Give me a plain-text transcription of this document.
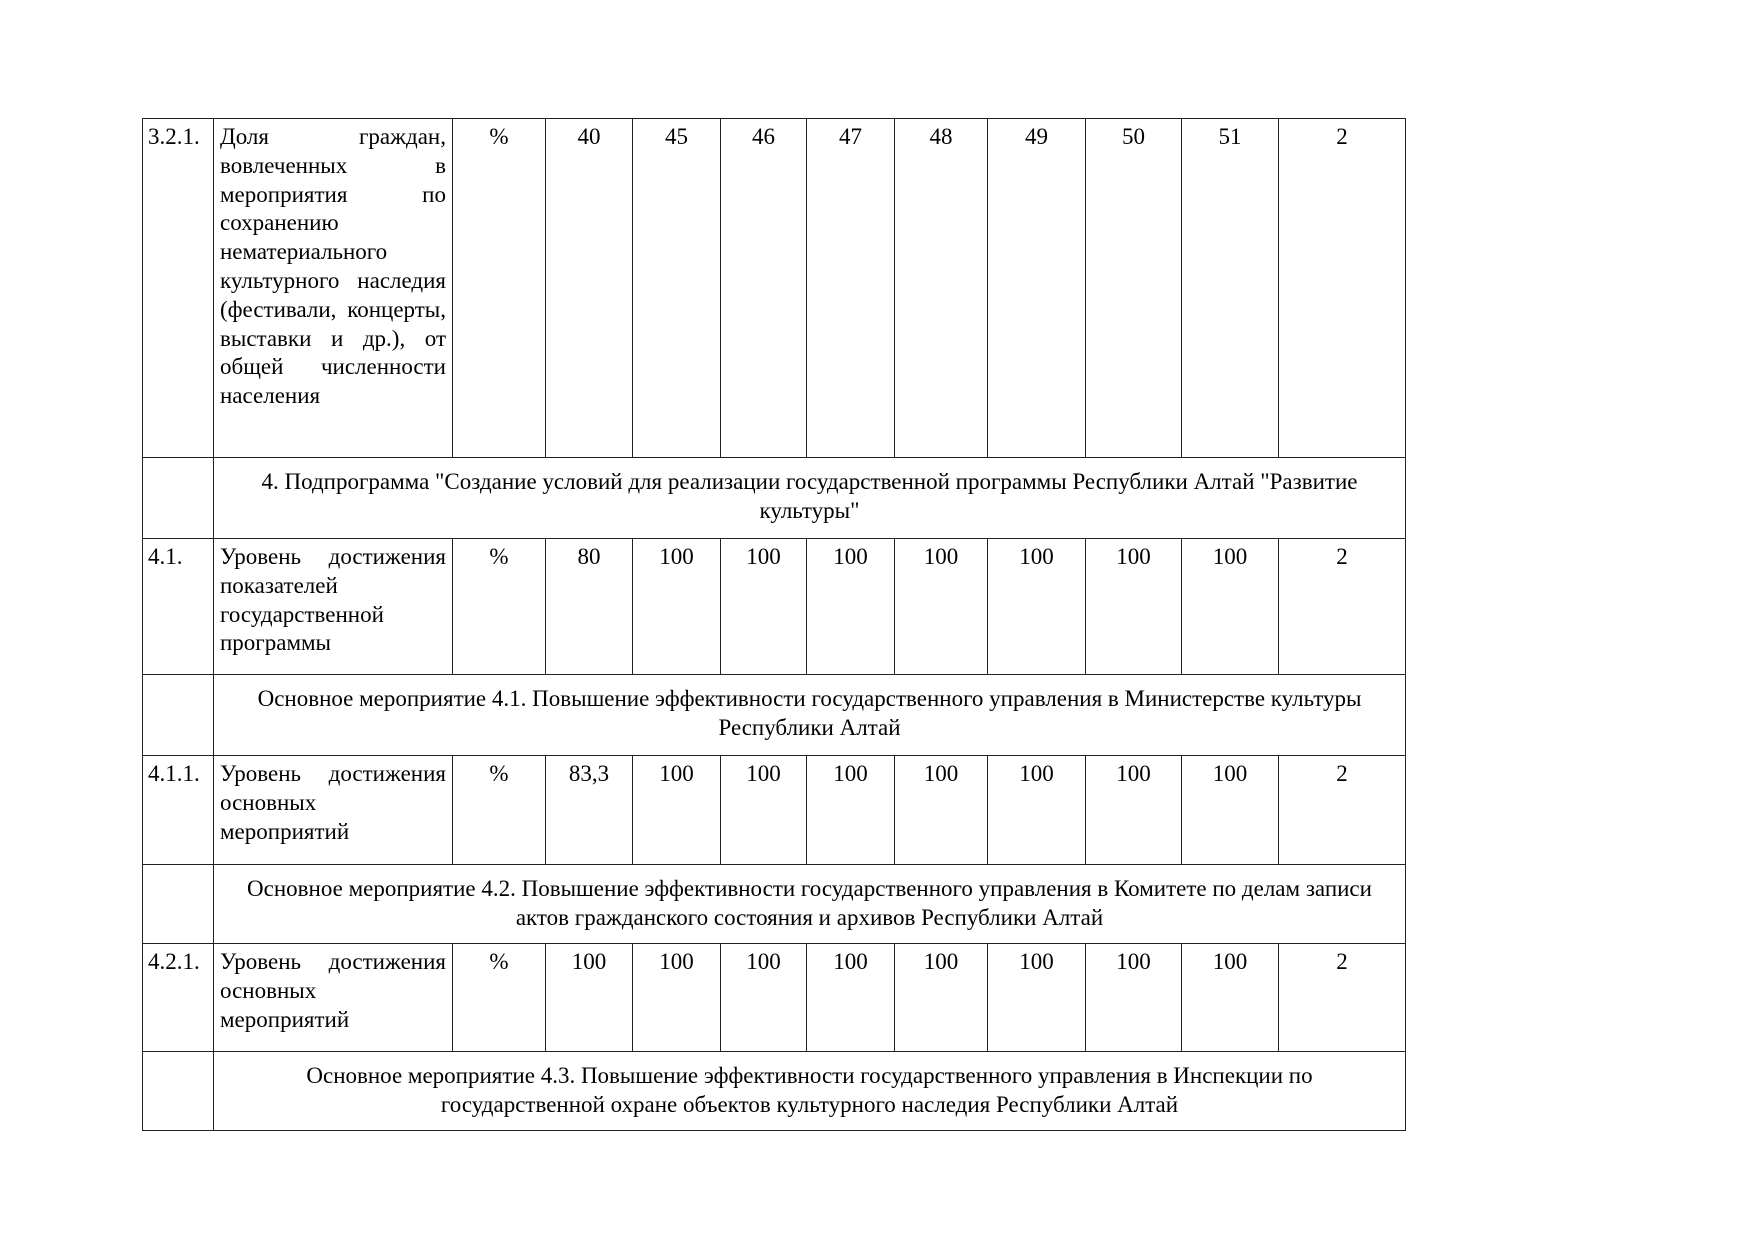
3.2.1.	Доля граждан, вовлеченных в мероприятия по сохранению нематериального культурного наследия (фестивали, концерты, выставки и др.), от общей численности населения	%	40	45	46	47	48	49	50	51	2
	4. Подпрограмма "Создание условий для реализации государственной программы Республики Алтай "Развитие культуры"										
4.1.	Уровень достижения показателей государственной программы	%	80	100	100	100	100	100	100	100	2
	Основное мероприятие 4.1. Повышение эффективности государственного управления в Министерстве культуры Республики Алтай										
4.1.1.	Уровень достижения основных мероприятий	%	83,3	100	100	100	100	100	100	100	2
	Основное мероприятие 4.2. Повышение эффективности государственного управления в Комитете по делам записи актов гражданского состояния и архивов Республики Алтай										
4.2.1.	Уровень достижения основных мероприятий	%	100	100	100	100	100	100	100	100	2
	Основное мероприятие 4.3. Повышение эффективности государственного управления в Инспекции по государственной охране объектов культурного наследия Республики Алтай										
